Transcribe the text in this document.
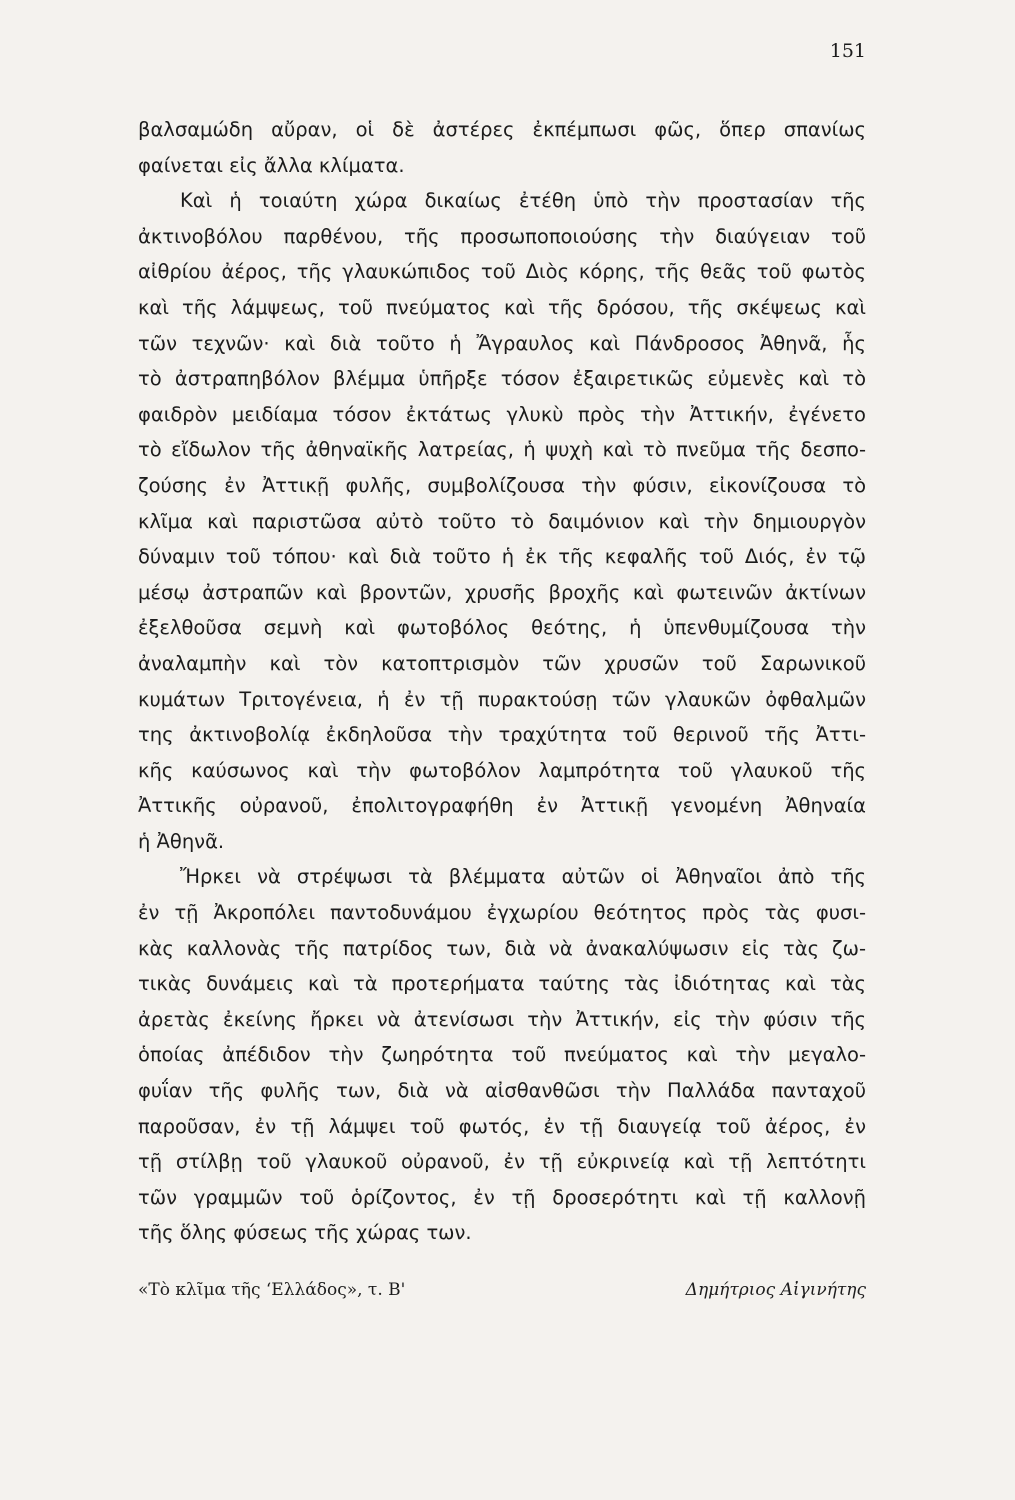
151
βαλσαμώδη αὔραν, οἱ δὲ ἀστέρες ἐκπέμπωσι φῶς, ὅπερ σπανίως
φαίνεται εἰς ἄλλα κλίματα.
Καὶ ἡ τοιαύτη χώρα δικαίως ἐτέθη ὑπὸ τὴν προστασίαν τῆς
ἀκτινοβόλου παρθένου, τῆς προσωποποιούσης τὴν διαύγειαν τοῦ
αἰθρίου ἀέρος, τῆς γλαυκώπιδος τοῦ Διὸς κόρης, τῆς θεᾶς τοῦ φωτὸς
καὶ τῆς λάμψεως, τοῦ πνεύματος καὶ τῆς δρόσου, τῆς σκέψεως καὶ
τῶν τεχνῶν· καὶ διὰ τοῦτο ἡ Ἄγραυλος καὶ Πάνδροσος Ἀθηνᾶ, ἧς
τὸ ἀστραπηβόλον βλέμμα ὑπῆρξε τόσον ἐξαιρετικῶς εὐμενὲς καὶ τὸ
φαιδρὸν μειδίαμα τόσον ἐκτάτως γλυκὺ πρὸς τὴν Ἀττικήν, ἐγένετο
τὸ εἴδωλον τῆς ἀθηναϊκῆς λατρείας, ἡ ψυχὴ καὶ τὸ πνεῦμα τῆς δεσπο-
ζούσης ἐν Ἀττικῇ φυλῆς, συμβολίζουσα τὴν φύσιν, εἰκονίζουσα τὸ
κλῖμα καὶ παριστῶσα αὐτὸ τοῦτο τὸ δαιμόνιον καὶ τὴν δημιουργὸν
δύναμιν τοῦ τόπου· καὶ διὰ τοῦτο ἡ ἐκ τῆς κεφαλῆς τοῦ Διός, ἐν τῷ
μέσῳ ἀστραπῶν καὶ βροντῶν, χρυσῆς βροχῆς καὶ φωτεινῶν ἀκτίνων
ἐξελθοῦσα σεμνὴ καὶ φωτοβόλος θεότης, ἡ ὑπενθυμίζουσα τὴν
ἀναλαμπὴν καὶ τὸν κατοπτρισμὸν τῶν χρυσῶν τοῦ Σαρωνικοῦ
κυμάτων Τριτογένεια, ἡ ἐν τῇ πυρακτούσῃ τῶν γλαυκῶν ὀφθαλμῶν
της ἀκτινοβολίᾳ ἐκδηλοῦσα τὴν τραχύτητα τοῦ θερινοῦ τῆς Ἀττι-
κῆς καύσωνος καὶ τὴν φωτοβόλον λαμπρότητα τοῦ γλαυκοῦ τῆς
Ἀττικῆς οὐρανοῦ, ἐπολιτογραφήθη ἐν Ἀττικῇ γενομένη Ἀθηναία
ἡ Ἀθηνᾶ.
Ἤρκει νὰ στρέψωσι τὰ βλέμματα αὐτῶν οἱ Ἀθηναῖοι ἀπὸ τῆς
ἐν τῇ Ἀκροπόλει παντοδυνάμου ἐγχωρίου θεότητος πρὸς τὰς φυσι-
κὰς καλλονὰς τῆς πατρίδος των, διὰ νὰ ἀνακαλύψωσιν εἰς τὰς ζω-
τικὰς δυνάμεις καὶ τὰ προτερήματα ταύτης τὰς ἰδιότητας καὶ τὰς
ἀρετὰς ἐκείνης ἤρκει νὰ ἀτενίσωσι τὴν Ἀττικήν, εἰς τὴν φύσιν τῆς
ὁποίας ἀπέδιδον τὴν ζωηρότητα τοῦ πνεύματος καὶ τὴν μεγαλο-
φυΐαν τῆς φυλῆς των, διὰ νὰ αἰσθανθῶσι τὴν Παλλάδα πανταχοῦ
παροῦσαν, ἐν τῇ λάμψει τοῦ φωτός, ἐν τῇ διαυγείᾳ τοῦ ἀέρος, ἐν
τῇ στίλβῃ τοῦ γλαυκοῦ οὐρανοῦ, ἐν τῇ εὐκρινείᾳ καὶ τῇ λεπτότητι
τῶν γραμμῶν τοῦ ὁρίζοντος, ἐν τῇ δροσερότητι καὶ τῇ καλλονῇ
τῆς ὅλης φύσεως τῆς χώρας των.
«Τὸ κλῖμα τῆς ‘Ελλάδος», τ. Β'	Δημήτριος Αἰγινήτης
